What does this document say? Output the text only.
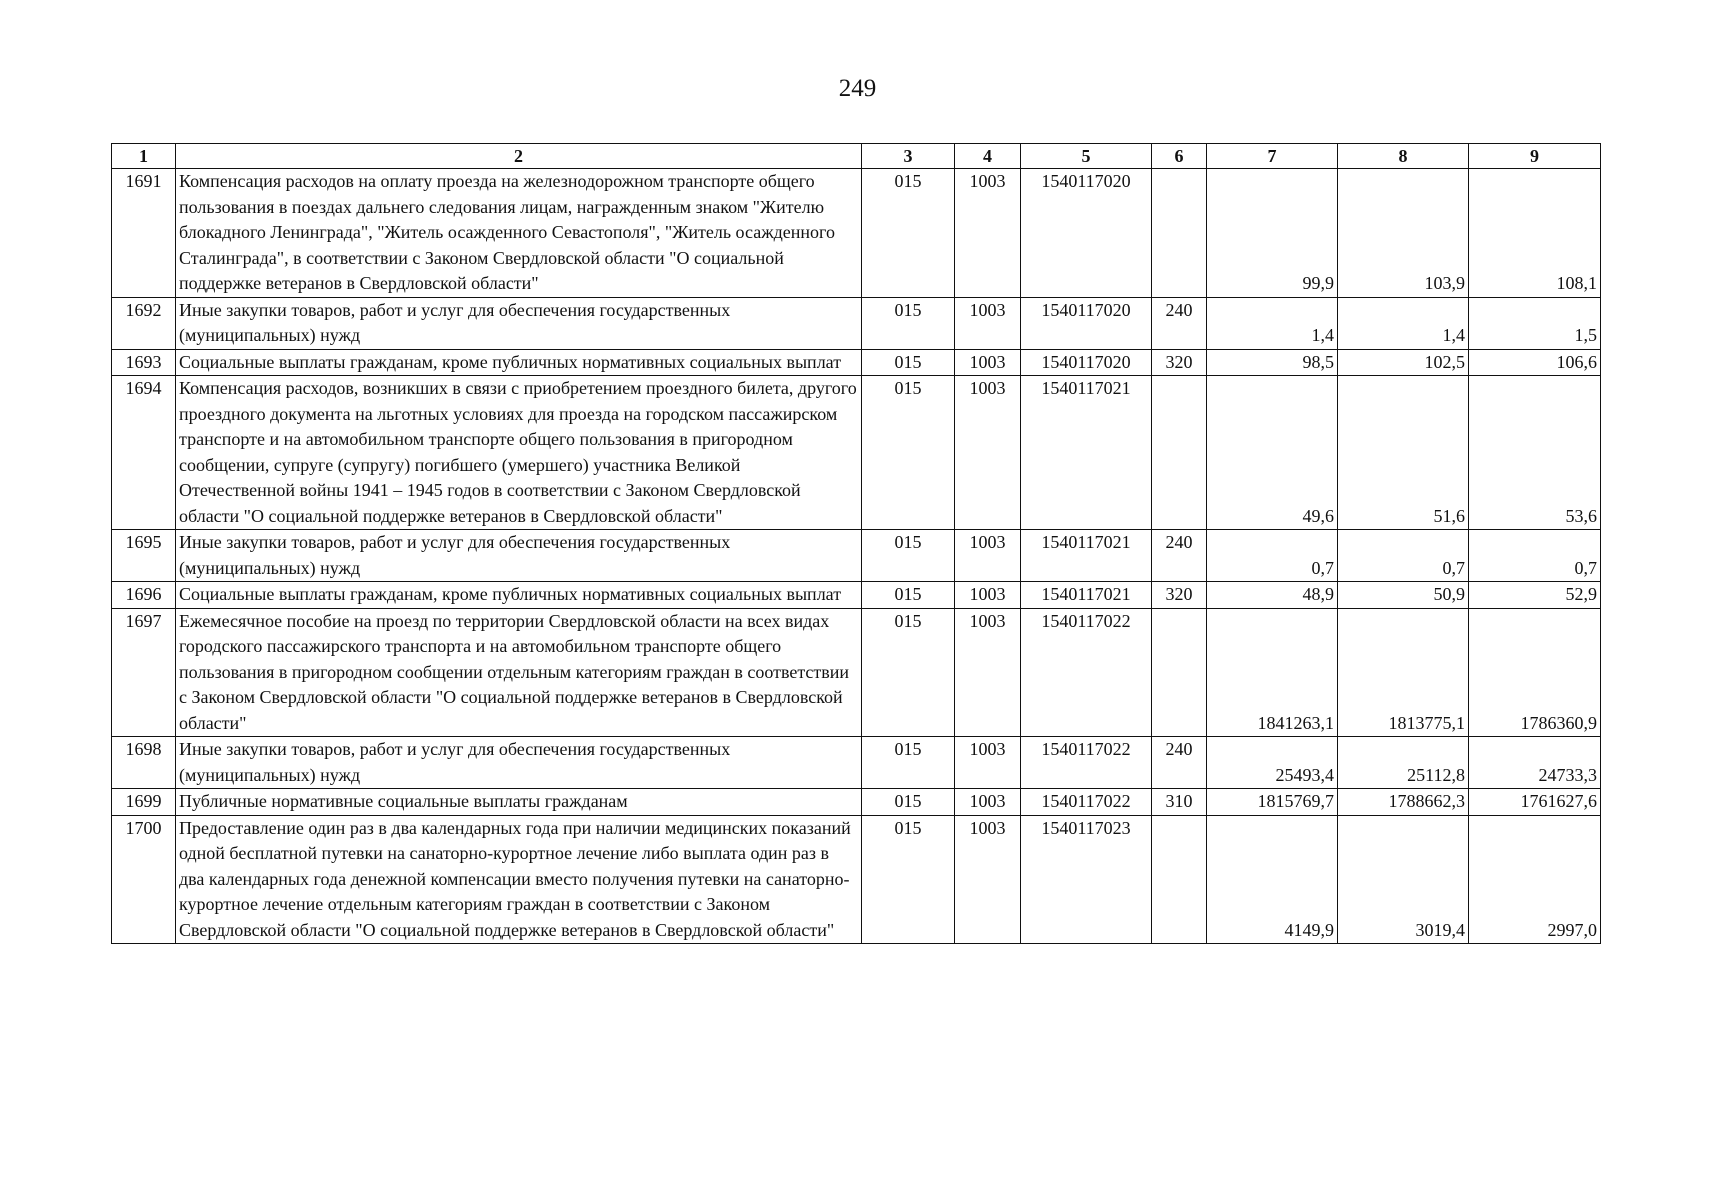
249
1	2	3	4	5	6	7	8	9
1691	Компенсация расходов на оплату проезда на железнодорожном транспорте общего пользования в поездах дальнего следования лицам, награжденным знаком "Жителю блокадного Ленинграда", "Житель осажденного Севастополя", "Житель осажденного Сталинграда", в соответствии с Законом Свердловской области "О социальной поддержке ветеранов в Свердловской области"	015	1003	1540117020		99,9	103,9	108,1
1692	Иные закупки товаров, работ и услуг для обеспечения государственных (муниципальных) нужд	015	1003	1540117020	240	1,4	1,4	1,5
1693	Социальные выплаты гражданам, кроме публичных нормативных социальных выплат	015	1003	1540117020	320	98,5	102,5	106,6
1694	Компенсация расходов, возникших в связи с приобретением проездного билета, другого проездного документа на льготных условиях для проезда на городском пассажирском транспорте и на автомобильном транспорте общего пользования в пригородном сообщении, супруге (супругу) погибшего (умершего) участника Великой Отечественной войны 1941 – 1945 годов в соответствии с Законом Свердловской области "О социальной поддержке ветеранов в Свердловской области"	015	1003	1540117021		49,6	51,6	53,6
1695	Иные закупки товаров, работ и услуг для обеспечения государственных (муниципальных) нужд	015	1003	1540117021	240	0,7	0,7	0,7
1696	Социальные выплаты гражданам, кроме публичных нормативных социальных выплат	015	1003	1540117021	320	48,9	50,9	52,9
1697	Ежемесячное пособие на проезд по территории Свердловской области на всех видах городского пассажирского транспорта и на автомобильном транспорте общего пользования в пригородном сообщении отдельным категориям граждан в соответствии с Законом Свердловской области "О социальной поддержке ветеранов в Свердловской области"	015	1003	1540117022		1841263,1	1813775,1	1786360,9
1698	Иные закупки товаров, работ и услуг для обеспечения государственных (муниципальных) нужд	015	1003	1540117022	240	25493,4	25112,8	24733,3
1699	Публичные нормативные социальные выплаты гражданам	015	1003	1540117022	310	1815769,7	1788662,3	1761627,6
1700	Предоставление один раз в два календарных года при наличии медицинских показаний одной бесплатной путевки на санаторно-курортное лечение либо выплата один раз в два календарных года денежной компенсации вместо получения путевки на санаторно-курортное лечение отдельным категориям граждан в соответствии с Законом Свердловской области "О социальной поддержке ветеранов в Свердловской области"	015	1003	1540117023		4149,9	3019,4	2997,0
